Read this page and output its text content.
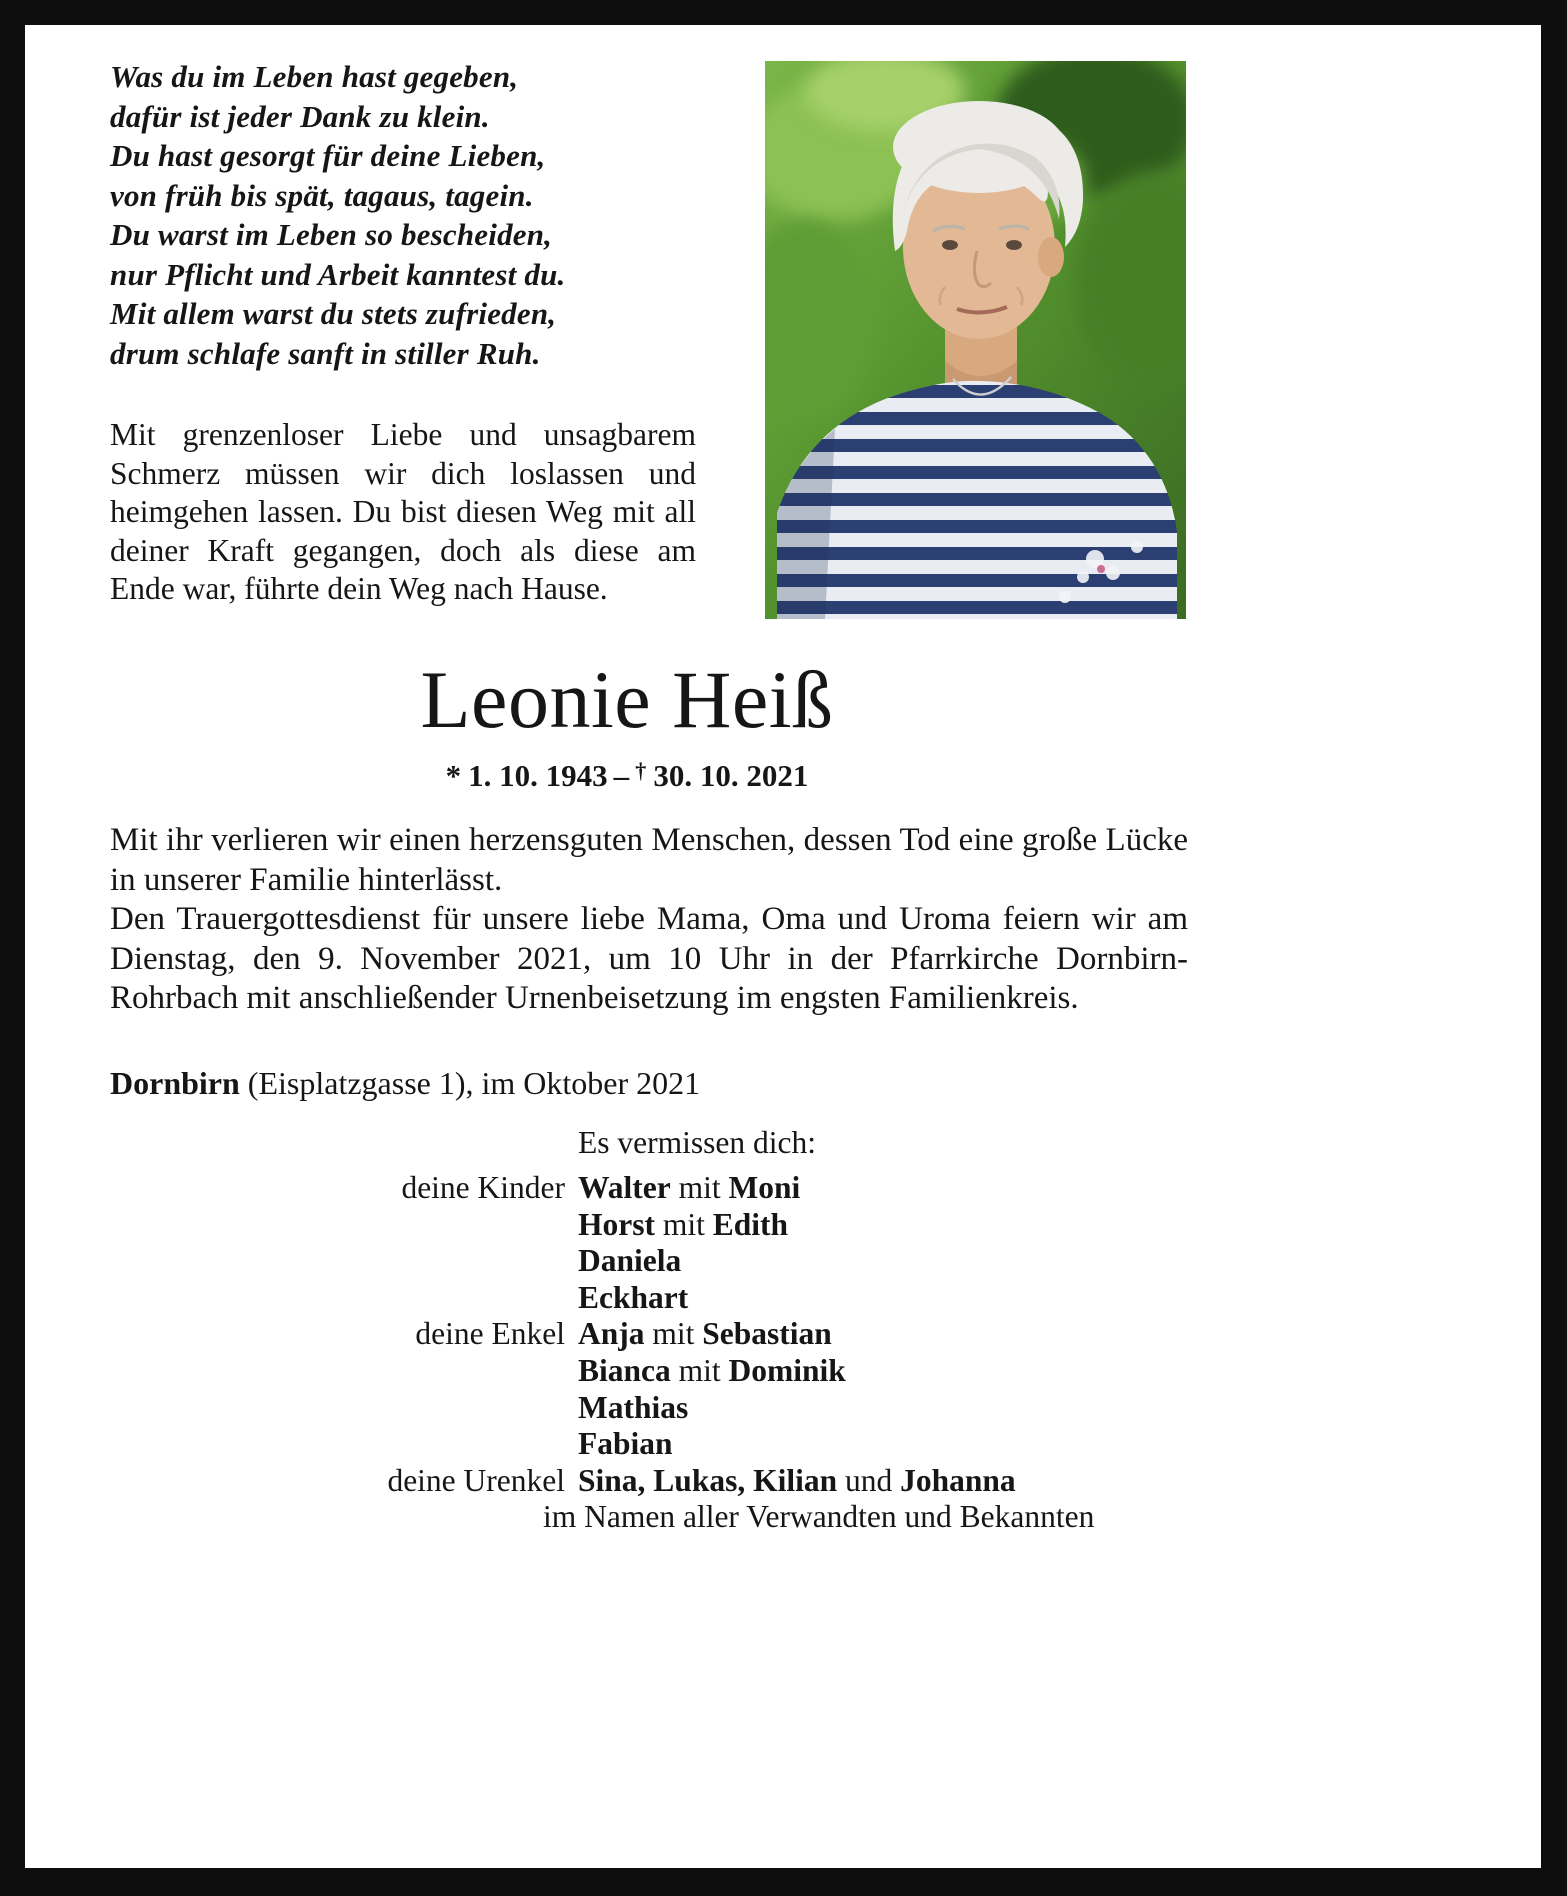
Was du im Leben hast gegeben,
dafür ist jeder Dank zu klein.
Du hast gesorgt für deine Lieben,
von früh bis spät, tagaus, tagein.
Du warst im Leben so bescheiden,
nur Pflicht und Arbeit kanntest du.
Mit allem warst du stets zufrieden,
drum schlafe sanft in stiller Ruh.
Mit grenzenloser Liebe und unsagbarem Schmerz müssen wir dich loslassen und heimgehen lassen. Du bist diesen Weg mit all deiner Kraft gegangen, doch als diese am Ende war, führte dein Weg nach Hause.
Leonie Heiß
* 1. 10. 1943 – † 30. 10. 2021
Mit ihr verlieren wir einen herzensguten Menschen, dessen Tod eine große Lücke in unserer Familie hinterlässt.
Den Trauergottesdienst für unsere liebe Mama, Oma und Uroma feiern wir am Dienstag, den 9. November 2021, um 10 Uhr in der Pfarrkirche Dornbirn-Rohrbach mit anschließender Urnenbeisetzung im engsten Familienkreis.
Dornbirn (Eisplatzgasse 1), im Oktober 2021
Es vermissen dich:
deine Kinder Walter mit Moni
Horst mit Edith
Daniela
Eckhart
deine Enkel Anja mit Sebastian
Bianca mit Dominik
Mathias
Fabian
deine Urenkel Sina, Lukas, Kilian und Johanna
im Namen aller Verwandten und Bekannten
